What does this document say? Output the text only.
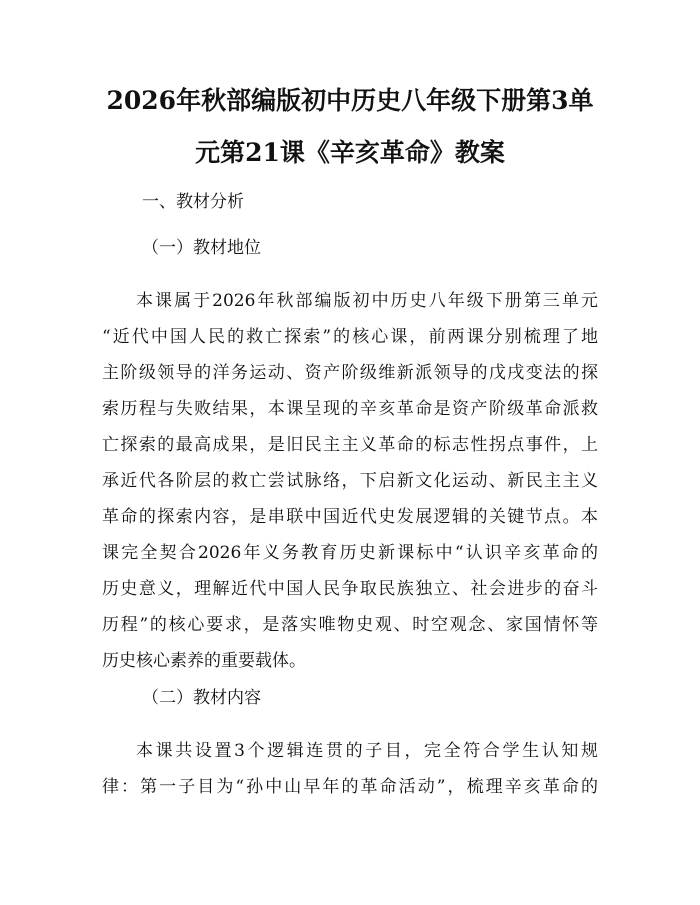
2026年秋部编版初中历史八年级下册第3单
元第21课《辛亥革命》教案
一、教材分析
（一）教材地位
本课属于2026年秋部编版初中历史八年级下册第三单元
“近代中国人民的救亡探索”的核心课，前两课分别梳理了地
主阶级领导的洋务运动、资产阶级维新派领导的戊戌变法的探
索历程与失败结果，本课呈现的辛亥革命是资产阶级革命派救
亡探索的最高成果，是旧民主主义革命的标志性拐点事件，上
承近代各阶层的救亡尝试脉络，下启新文化运动、新民主主义
革命的探索内容，是串联中国近代史发展逻辑的关键节点。本
课完全契合2026年义务教育历史新课标中“认识辛亥革命的
历史意义，理解近代中国人民争取民族独立、社会进步的奋斗
历程”的核心要求，是落实唯物史观、时空观念、家国情怀等
历史核心素养的重要载体。
（二）教材内容
本课共设置3个逻辑连贯的子目，完全符合学生认知规
律：第一子目为“孙中山早年的革命活动”，梳理辛亥革命的
